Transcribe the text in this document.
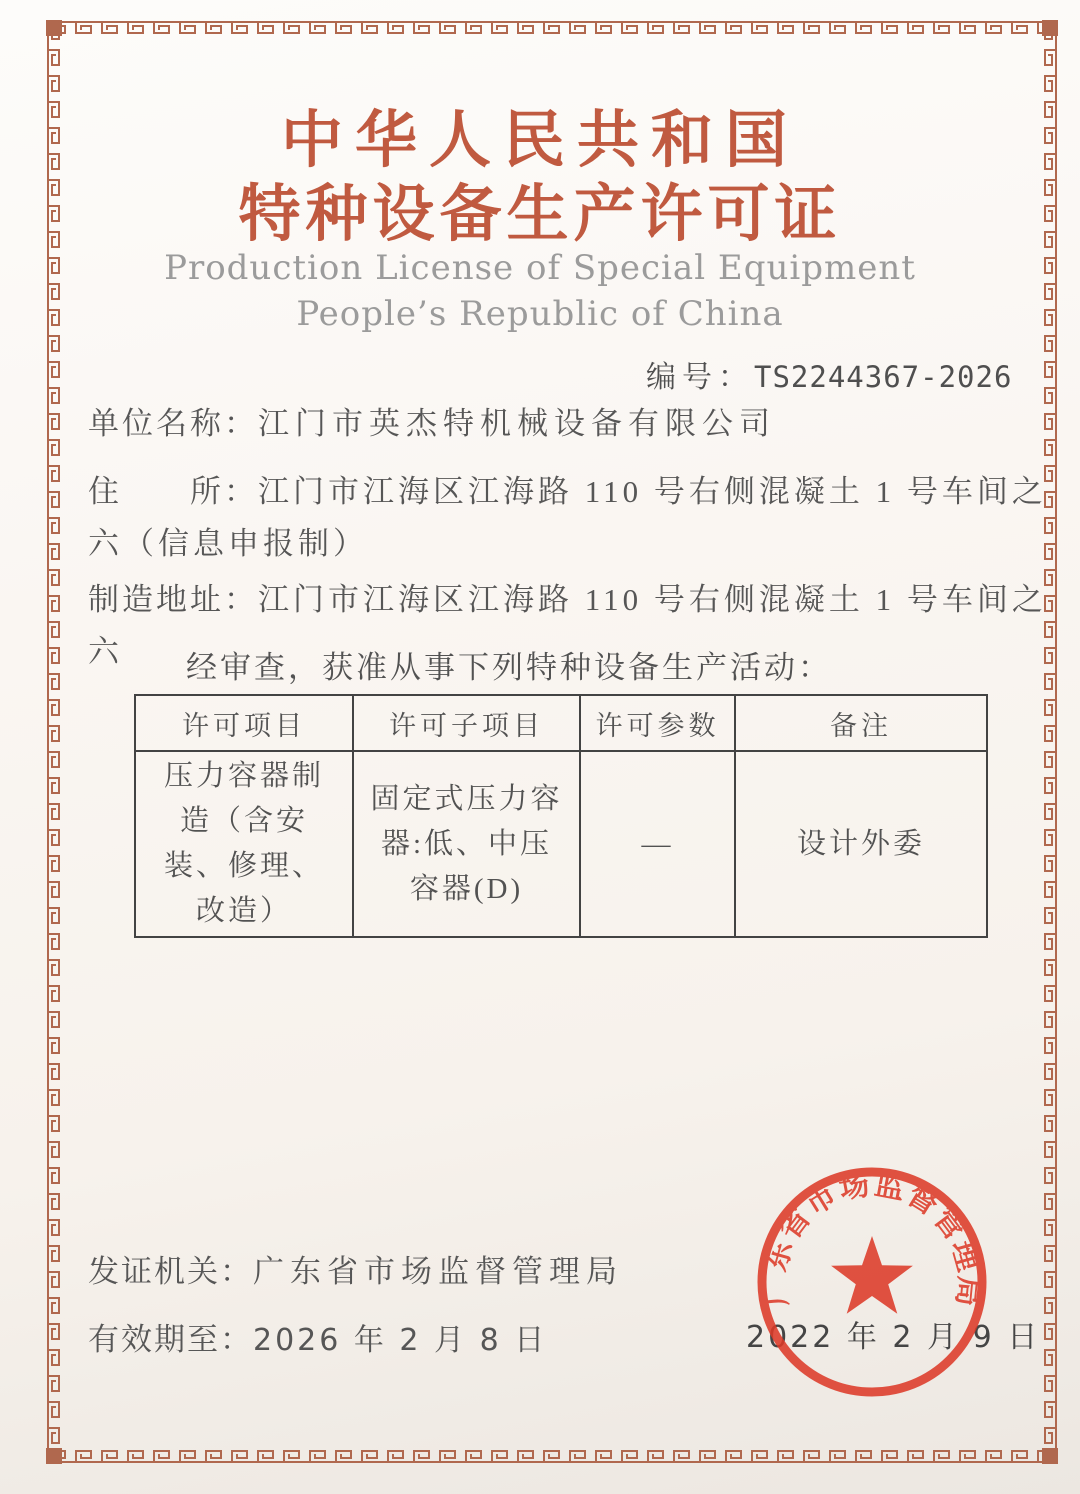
中华人民共和国
特种设备生产许可证
Production License of Special Equipment
People’s Republic of China
编号：TS2244367-2026
单位名称：江门市英杰特机械设备有限公司
住　　所：江门市江海区江海路 110 号右侧混凝土 1 号车间之六（信息申报制）
制造地址：江门市江海区江海路 110 号右侧混凝土 1 号车间之六	经审查，获准从事下列特种设备生产活动：
许可项目	许可子项目	许可参数	备注
压力容器制造（含安装、修理、改造）	固定式压力容器:低、中压容器(D)	—	设计外委
发证机关：广东省市场监督管理局
有效期至：2026 年 2 月 8 日	2022 年 2 月 9 日
广东省市场监督管理局
